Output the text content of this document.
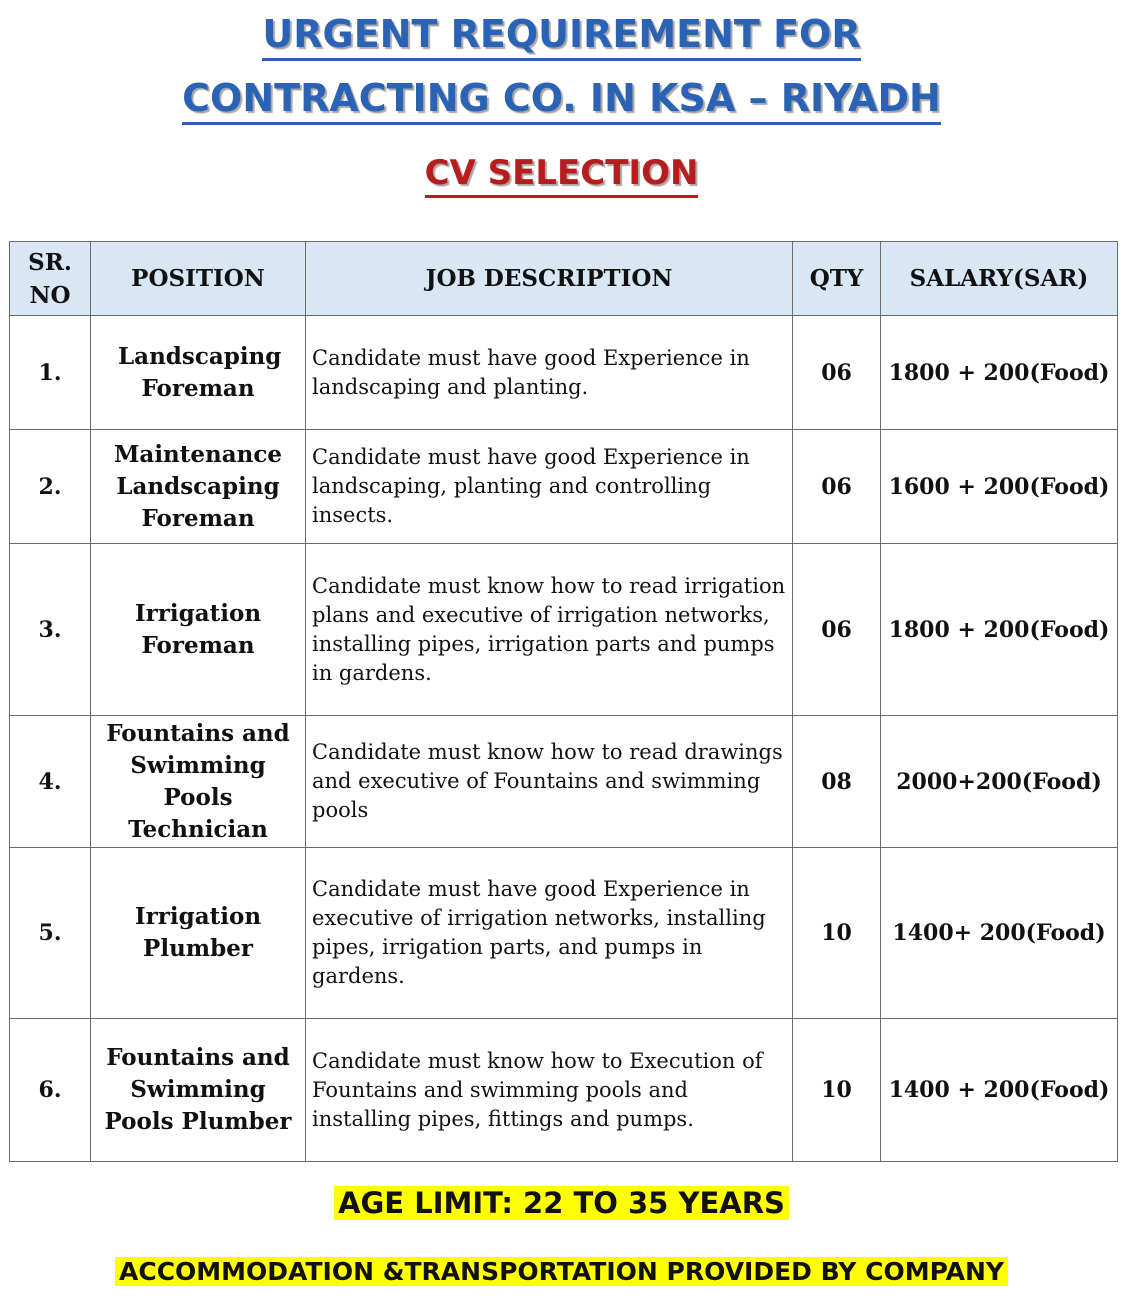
URGENT REQUIREMENT FOR
CONTRACTING CO. IN KSA – RIYADH
CV SELECTION
SR. NO	POSITION	JOB DESCRIPTION	QTY	SALARY(SAR)
1.	Landscaping Foreman	Candidate must have good Experience in landscaping and planting.	06	1800 + 200(Food)
2.	Maintenance Landscaping Foreman	Candidate must have good Experience in landscaping, planting and controlling insects.	06	1600 + 200(Food)
3.	Irrigation Foreman	Candidate must know how to read irrigation plans and executive of irrigation networks, installing pipes, irrigation parts and pumps in gardens.	06	1800 + 200(Food)
4.	Fountains and Swimming Pools Technician	Candidate must know how to read drawings and executive of Fountains and swimming pools	08	2000+200(Food)
5.	Irrigation Plumber	Candidate must have good Experience in executive of irrigation networks, installing pipes, irrigation parts, and pumps in gardens.	10	1400+ 200(Food)
6.	Fountains and Swimming Pools Plumber	Candidate must know how to Execution of Fountains and swimming pools and installing pipes, fittings and pumps.	10	1400 + 200(Food)
AGE LIMIT: 22 TO 35 YEARS
ACCOMMODATION &TRANSPORTATION PROVIDED BY COMPANY
